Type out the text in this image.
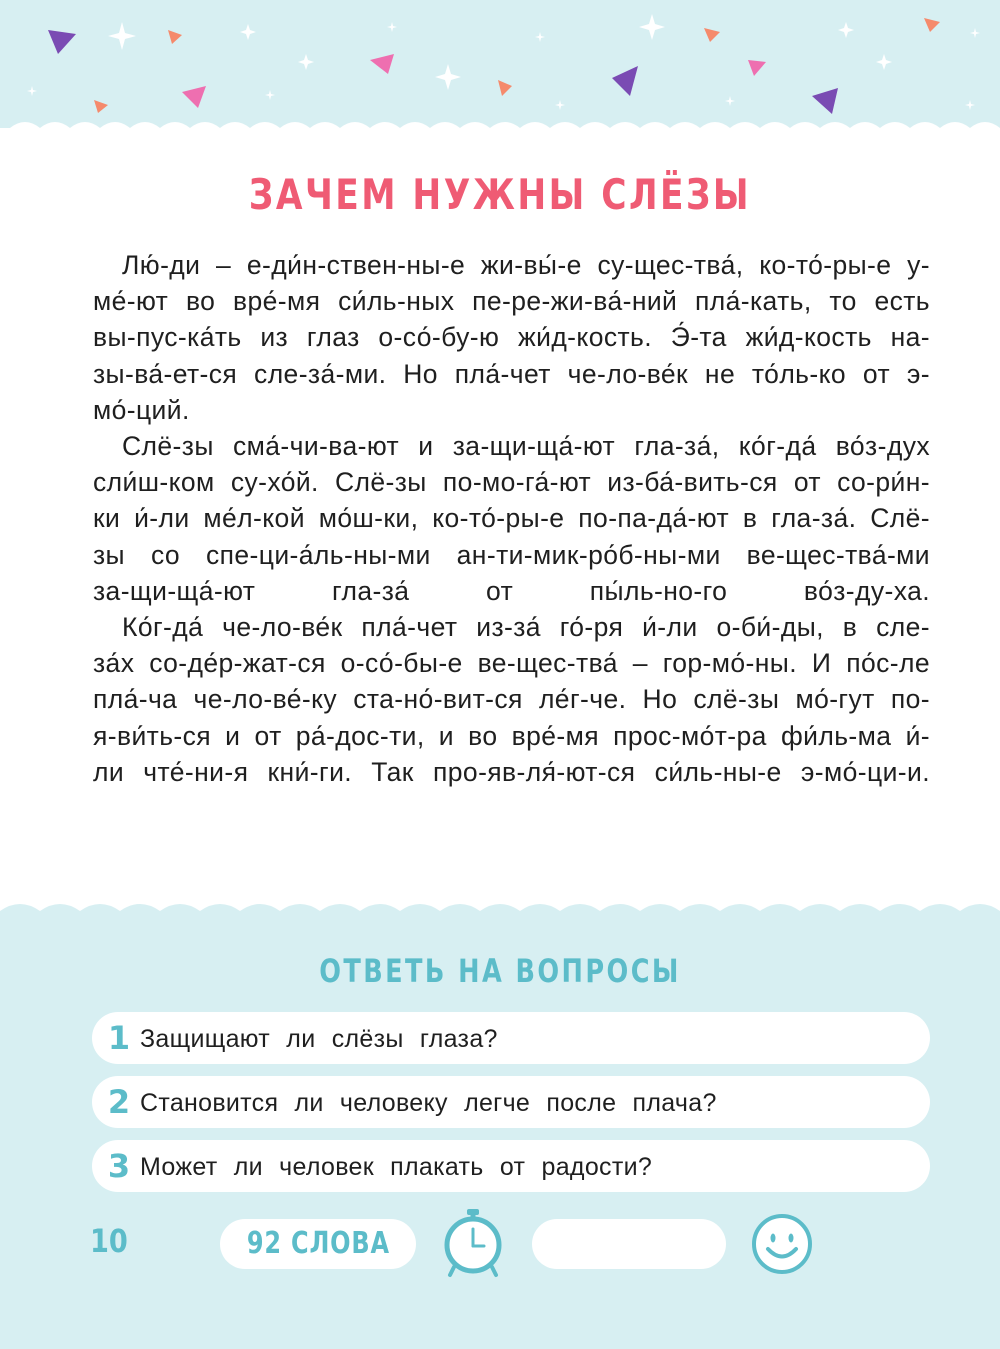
ЗАЧЕМ НУЖНЫ СЛЁЗЫ

Лю́-ди – е-ди́н-ствен-ны-е жи-вы́-е су-щес-тва́, ко-то́-ры-е у-ме́-ют во вре́-мя си́ль-ных пе-ре-жи-ва́-ний пла́-кать, то есть вы-пус-ка́ть из глаз о-со́-бу-ю жи́д-кость. Э́-та жи́д-кость на-зы-ва́-ет-ся сле-за́-ми. Но пла́-чет че-ло-ве́к не то́ль-ко от э-мо́-ций.

Слё-зы сма́-чи-ва-ют и за-щи-ща́-ют гла-за́, ко́г-да́ во́з-дух сли́ш-ком су-хо́й. Слё-зы по-мо-га́-ют из-ба́-вить-ся от со-ри́н-ки и́-ли ме́л-кой мо́ш-ки, ко-то́-ры-е по-па-да́-ют в гла-за́. Слё-зы со спе-ци-а́ль-ны-ми ан-ти-мик-ро́б-ны-ми ве-щес-тва́-ми за-щи-ща́-ют гла-за́ от пы́ль-но-го во́з-ду-ха.

Ко́г-да́ че-ло-ве́к пла́-чет из-за́ го́-ря и́-ли о-би́-ды, в сле-за́х со-де́р-жат-ся о-со́-бы-е ве-щес-тва́ – гор-мо́-ны. И по́с-ле пла́-ча че-ло-ве́-ку ста-но́-вит-ся ле́г-че. Но слё-зы мо́-гут по-я-ви́ть-ся и от ра́-дос-ти, и во вре́-мя прос-мо́т-ра фи́ль-ма и́-ли чте́-ни-я кни́-ги. Так про-яв-ля́-ют-ся си́ль-ны-е э-мо́-ци-и.

ОТВЕТЬ НА ВОПРОСЫ
1 Защищают ли слёзы глаза?
2 Становится ли человеку легче после плача?
3 Может ли человек плакать от радости?
10	92 СЛОВА
